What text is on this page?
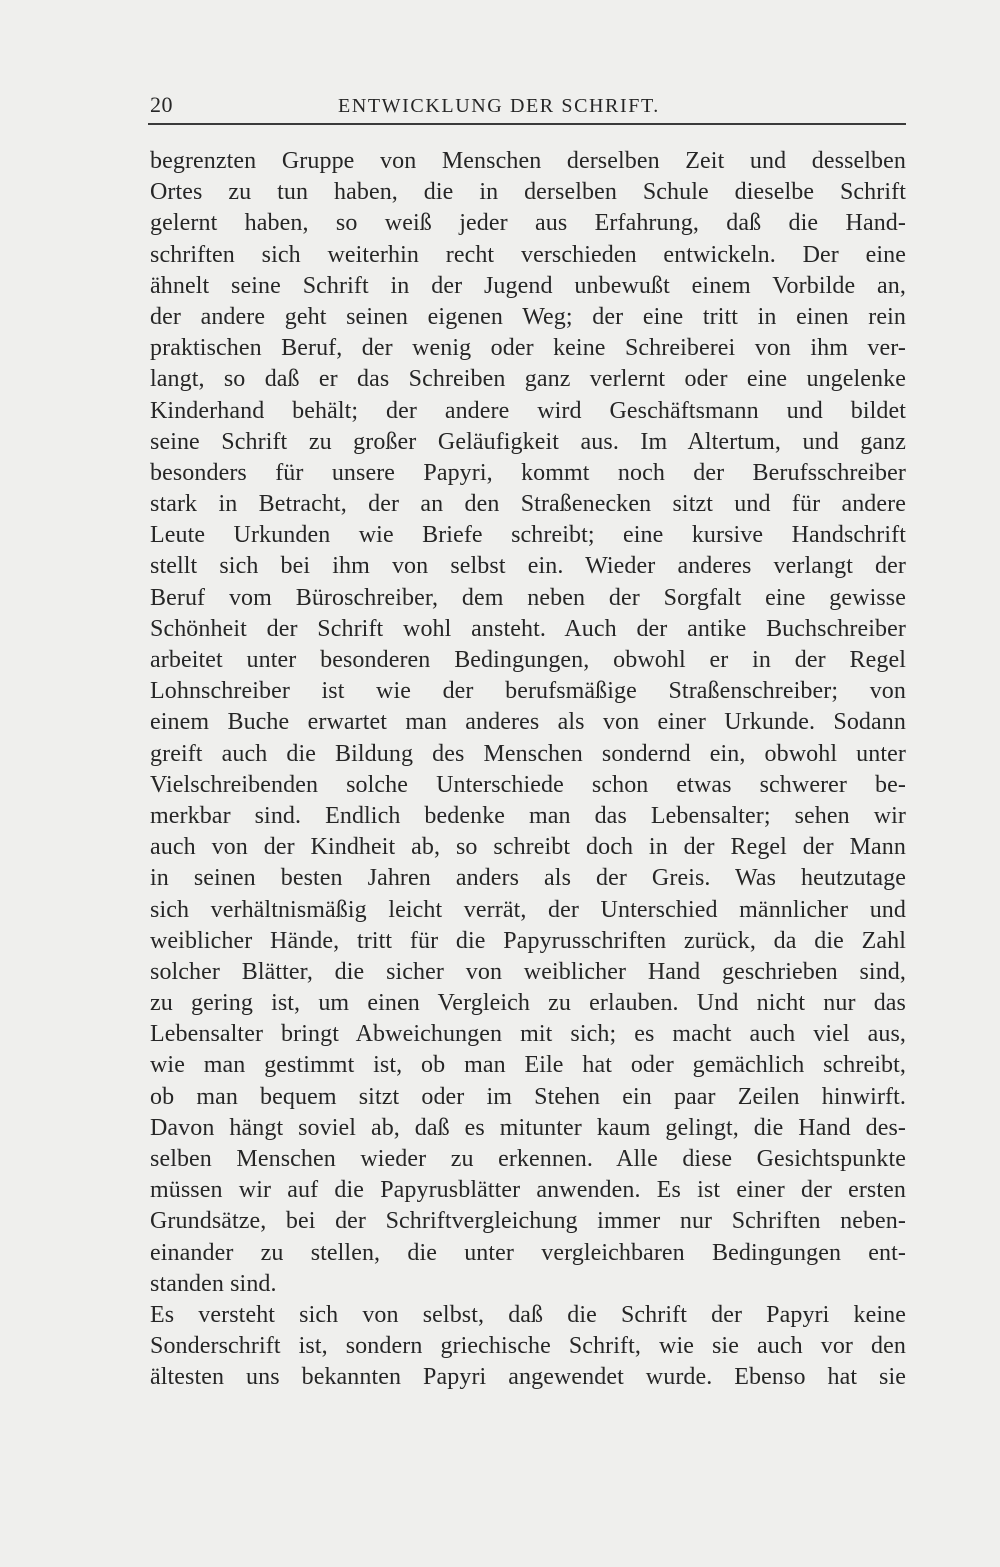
20	ENTWICKLUNG DER SCHRIFT.
begrenzten Gruppe von Menschen derselben Zeit und desselben
Ortes zu tun haben, die in derselben Schule dieselbe Schrift
gelernt haben, so weiß jeder aus Erfahrung, daß die Hand-
schriften sich weiterhin recht verschieden entwickeln. Der eine
ähnelt seine Schrift in der Jugend unbewußt einem Vorbilde an,
der andere geht seinen eigenen Weg; der eine tritt in einen rein
praktischen Beruf, der wenig oder keine Schreiberei von ihm ver-
langt, so daß er das Schreiben ganz verlernt oder eine ungelenke
Kinderhand behält; der andere wird Geschäftsmann und bildet
seine Schrift zu großer Geläufigkeit aus. Im Altertum, und ganz
besonders für unsere Papyri, kommt noch der Berufsschreiber
stark in Betracht, der an den Straßenecken sitzt und für andere
Leute Urkunden wie Briefe schreibt; eine kursive Handschrift
stellt sich bei ihm von selbst ein. Wieder anderes verlangt der
Beruf vom Büroschreiber, dem neben der Sorgfalt eine gewisse
Schönheit der Schrift wohl ansteht. Auch der antike Buchschreiber
arbeitet unter besonderen Bedingungen, obwohl er in der Regel
Lohnschreiber ist wie der berufsmäßige Straßenschreiber; von
einem Buche erwartet man anderes als von einer Urkunde. Sodann
greift auch die Bildung des Menschen sondernd ein, obwohl unter
Vielschreibenden solche Unterschiede schon etwas schwerer be-
merkbar sind. Endlich bedenke man das Lebensalter; sehen wir
auch von der Kindheit ab, so schreibt doch in der Regel der Mann
in seinen besten Jahren anders als der Greis. Was heutzutage
sich verhältnismäßig leicht verrät, der Unterschied männlicher und
weiblicher Hände, tritt für die Papyrusschriften zurück, da die Zahl
solcher Blätter, die sicher von weiblicher Hand geschrieben sind,
zu gering ist, um einen Vergleich zu erlauben. Und nicht nur das
Lebensalter bringt Abweichungen mit sich; es macht auch viel aus,
wie man gestimmt ist, ob man Eile hat oder gemächlich schreibt,
ob man bequem sitzt oder im Stehen ein paar Zeilen hinwirft.
Davon hängt soviel ab, daß es mitunter kaum gelingt, die Hand des-
selben Menschen wieder zu erkennen. Alle diese Gesichtspunkte
müssen wir auf die Papyrusblätter anwenden. Es ist einer der ersten
Grundsätze, bei der Schriftvergleichung immer nur Schriften neben-
einander zu stellen, die unter vergleichbaren Bedingungen ent-
standen sind.
Es versteht sich von selbst, daß die Schrift der Papyri keine
Sonderschrift ist, sondern griechische Schrift, wie sie auch vor den
ältesten uns bekannten Papyri angewendet wurde. Ebenso hat sie
